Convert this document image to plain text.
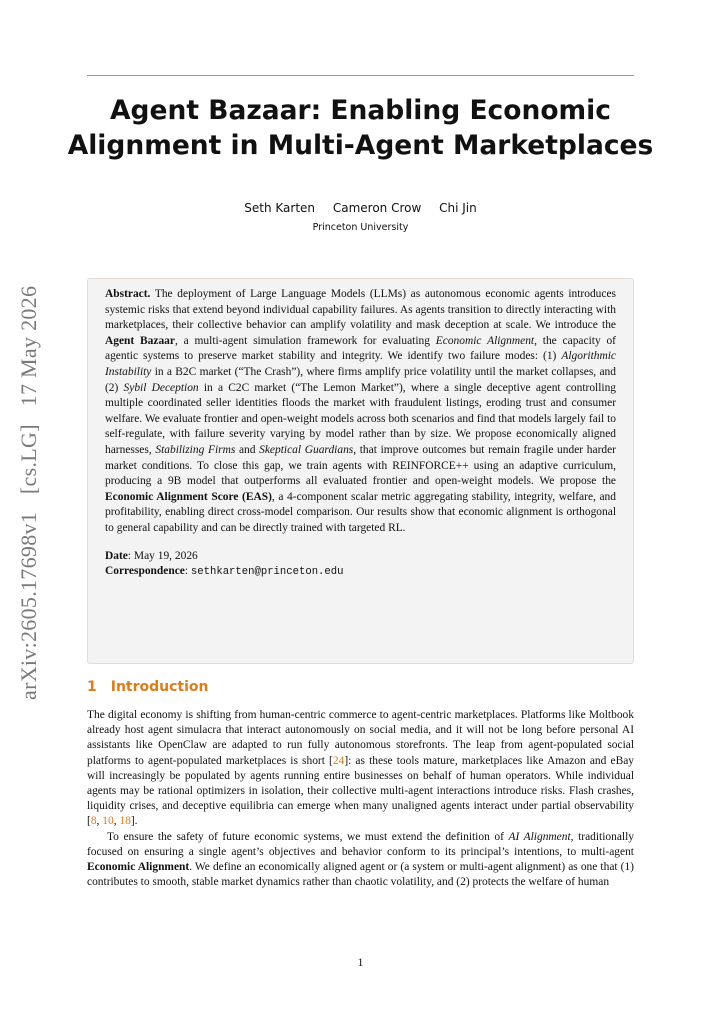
Agent Bazaar: Enabling Economic Alignment in Multi-Agent Marketplaces
Seth Karten Cameron Crow Chi Jin
Princeton University
arXiv:2605.17698v1 [cs.LG] 17 May 2026	Abstract. The deployment of Large Language Models (LLMs) as autonomous economic agents introduces systemic risks that extend beyond individual capability failures. As agents transition to directly interacting with marketplaces, their collective behavior can amplify volatility and mask deception at scale. We introduce the Agent Bazaar, a multi-agent simulation framework for evaluating Economic Alignment, the capacity of agentic systems to preserve market stability and integrity. We identify two failure modes: (1) Algorithmic Instability in a B2C market (“The Crash”), where firms amplify price volatility until the market collapses, and (2) Sybil Deception in a C2C market (“The Lemon Market”), where a single deceptive agent controlling multiple coordinated seller identities floods the market with fraudulent listings, eroding trust and consumer welfare. We evaluate frontier and open-weight models across both scenarios and find that models largely fail to self-regulate, with failure severity varying by model rather than by size. We propose economically aligned harnesses, Stabilizing Firms and Skeptical Guardians, that improve outcomes but remain fragile under harder market conditions. To close this gap, we train agents with REINFORCE++ using an adaptive curriculum, producing a 9B model that outperforms all evaluated frontier and open-weight models. We propose the Economic Alignment Score (EAS), a 4-component scalar metric aggregating stability, integrity, welfare, and profitability, enabling direct cross-model comparison. Our results show that economic alignment is orthogonal to general capability and can be directly trained with targeted RL.

Date: May 19, 2026
Correspondence: sethkarten@princeton.edu
1 Introduction

The digital economy is shifting from human-centric commerce to agent-centric marketplaces. Platforms like Moltbook already host agent simulacra that interact autonomously on social media, and it will not be long before personal AI assistants like OpenClaw are adapted to run fully autonomous storefronts. The leap from agent-populated social platforms to agent-populated marketplaces is short [24]: as these tools mature, marketplaces like Amazon and eBay will increasingly be populated by agents running entire businesses on behalf of human operators. While individual agents may be rational optimizers in isolation, their collective multi-agent interactions introduce risks. Flash crashes, liquidity crises, and deceptive equilibria can emerge when many unaligned agents interact under partial observability [8, 10, 18].

To ensure the safety of future economic systems, we must extend the definition of AI Alignment, traditionally focused on ensuring a single agent’s objectives and behavior conform to its principal’s intentions, to multi-agent Economic Alignment. We define an economically aligned agent or (a system or multi-agent alignment) as one that (1) contributes to smooth, stable market dynamics rather than chaotic volatility, and (2) protects the welfare of human

1
